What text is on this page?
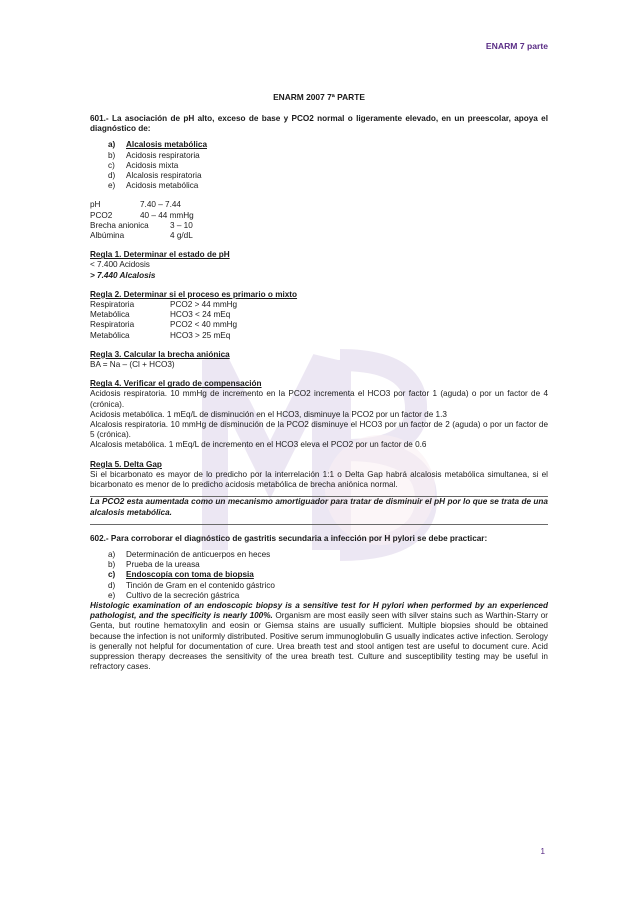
ENARM 7 parte
ENARM 2007 7ª PARTE

601.- La asociación de pH alto, exceso de base y PCO2 normal o ligeramente elevado, en un preescolar, apoya el diagnóstico de:

a)	Alcalosis metabólica
b)	Acidosis respiratoria
c)	Acidosis mixta
d)	Alcalosis respiratoria
e)	Acidosis metabólica
pH	7.40 – 7.44
PCO2	40 – 44 mmHg
Brecha anionica	3 – 10
Albúmina	4 g/dL
Regla 1. Determinar el estado de pH
< 7.400 Acidosis
> 7.440 Alcalosis
Regla 2. Determinar si el proceso es primario o mixto
Respiratoria	PCO2 > 44 mmHg
Metabólica	HCO3 < 24 mEq
Respiratoria	PCO2 < 40 mmHg
Metabólica	HCO3 > 25 mEq
Regla 3. Calcular la brecha aniónica
BA = Na – (Cl + HCO3)
Regla 4. Verificar el grado de compensación

Acidosis respiratoria. 10 mmHg de incremento en la PCO2 incrementa el HCO3 por factor 1 (aguda) o por un factor de 4 (crónica).

Acidosis metabólica. 1 mEq/L de disminución en el HCO3, disminuye la PCO2 por un factor de 1.3

Alcalosis respiratoria. 10 mmHg de disminución de la PCO2 disminuye el HCO3 por un factor de 2 (aguda) o por un factor de 5 (crónica).

Alcalosis metabólica. 1 mEq/L de incremento en el HCO3 eleva el PCO2 por un factor de 0.6

Regla 5. Delta Gap

Si el bicarbonato es mayor de lo predicho por la interrelación 1:1 o Delta Gap habrá alcalosis metabólica simultanea, si el bicarbonato es menor de lo predicho acidosis metabólica de brecha aniónica normal.

La PCO2 esta aumentada como un mecanismo amortiguador para tratar de disminuir el pH por lo que se trata de una alcalosis metabólica.

602.- Para corroborar el diagnóstico de gastritis secundaria a infección por H pylori se debe practicar:

a)	Determinación de anticuerpos en heces
b)	Prueba de la ureasa
c)	Endoscopía con toma de biopsia
d)	Tinción de Gram en el contenido gástrico
e)	Cultivo de la secreción gástrica

Histologic examination of an endoscopic biopsy is a sensitive test for H pylori when performed by an experienced pathologist, and the specificity is nearly 100%. Organism are most easily seen with silver stains such as Warthin-Starry or Genta, but routine hematoxylin and eosin or Giemsa stains are usually sufficient. Multiple biopsies should be obtained because the infection is not uniformly distributed. Positive serum immunoglobulin G usually indicates active infection. Serology is generally not helpful for documentation of cure. Urea breath test and stool antigen test are useful to document cure. Acid suppression therapy decreases the sensitivity of the urea breath test. Culture and susceptibility testing may be useful in refractory cases.

1
